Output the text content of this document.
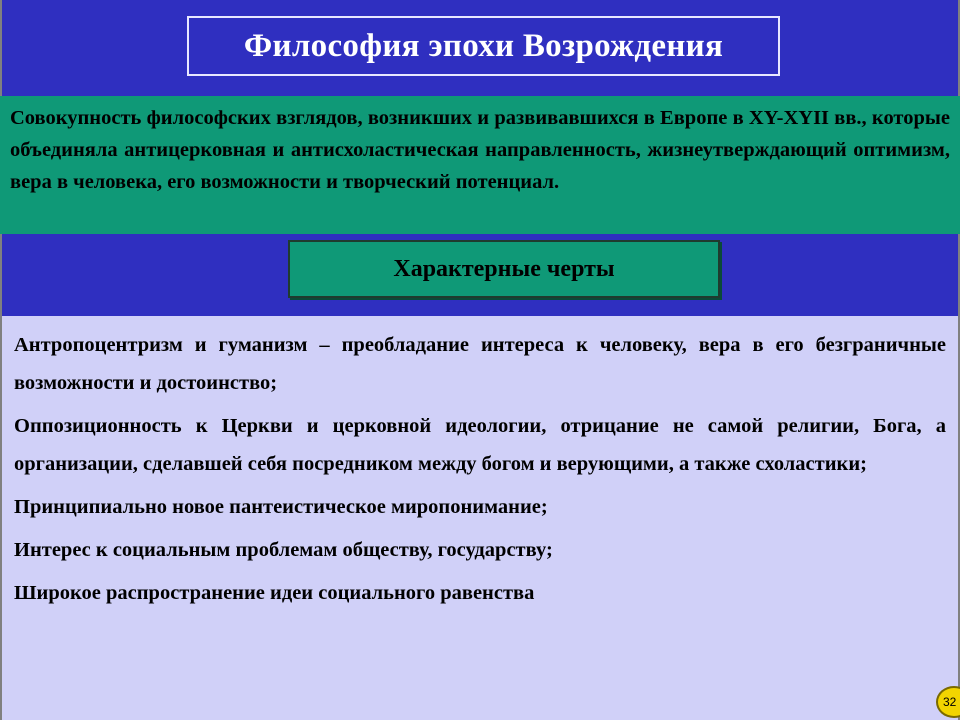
Философия эпохи Возрождения
Совокупность философских взглядов, возникших и развивавшихся в Европе в XY-XYII вв., которые объединяла антицерковная и антисхоластическая направленность, жизнеутверждающий оптимизм, вера в человека, его возможности и творческий потенциал.
Характерные черты
Антропоцентризм и гуманизм – преобладание интереса к человеку, вера в его безграничные возможности и достоинство;
Оппозиционность к Церкви и церковной идеологии, отрицание не самой религии, Бога, а организации, сделавшей себя посредником между богом и верующими, а также схоластики;
Принципиально новое пантеистическое миропонимание;
Интерес к социальным проблемам обществу, государству;
Широкое распространение идеи социального равенства
32
